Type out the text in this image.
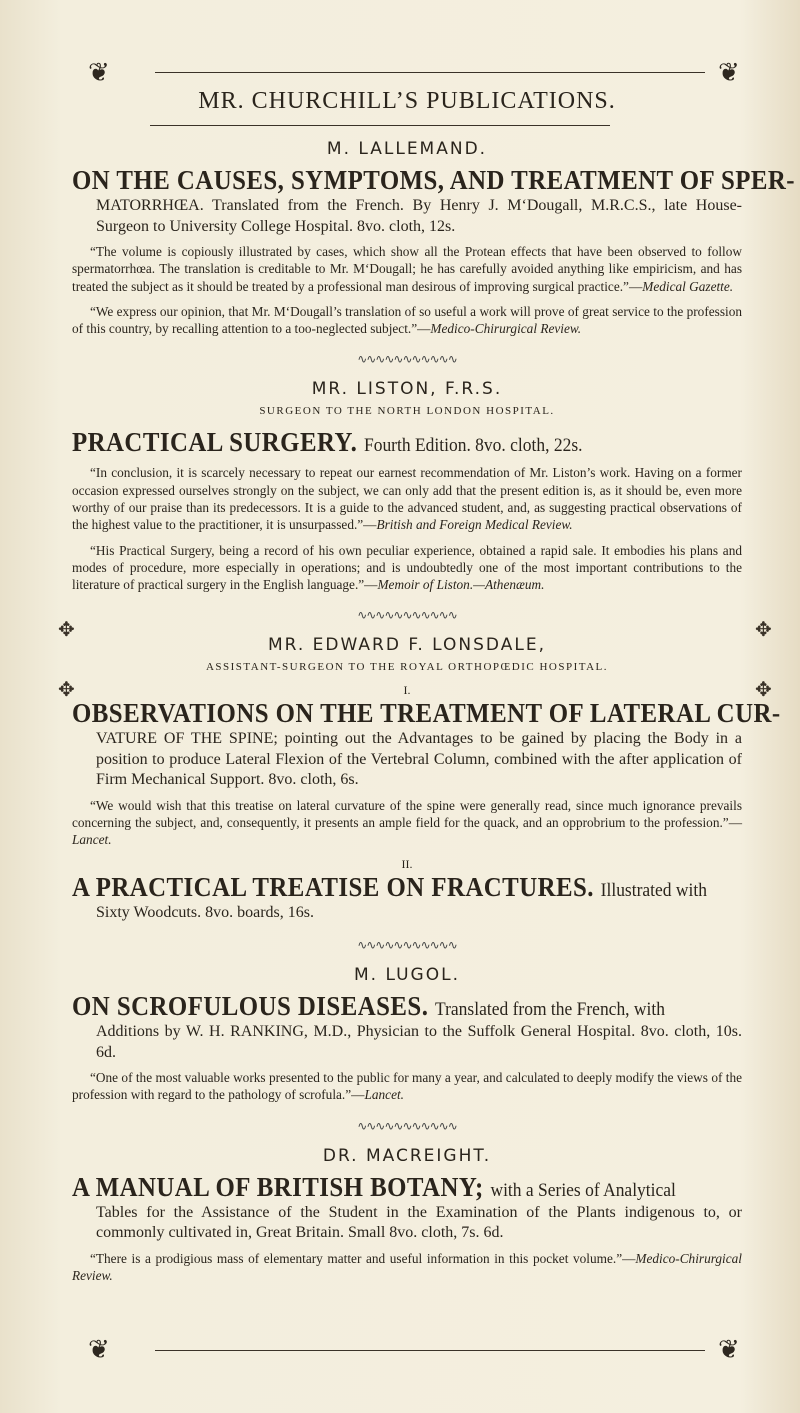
❦	❦
❦	❦
✥
✥
✥
✥
MR. CHURCHILL’S PUBLICATIONS.
M. LALLEMAND.
ON THE CAUSES, SYMPTOMS, AND TREATMENT OF SPER-
MATORRHŒA. Translated from the French. By Henry J. M‘Dougall, M.R.C.S., late House-Surgeon to University College Hospital. 8vo. cloth, 12s.
“The volume is copiously illustrated by cases, which show all the Protean effects that have been observed to follow spermatorrhœa. The translation is creditable to Mr. M‘Dougall; he has carefully avoided anything like empiricism, and has treated the subject as it should be treated by a professional man desirous of improving surgical practice.”—Medical Gazette.
“We express our opinion, that Mr. M‘Dougall’s translation of so useful a work will prove of great service to the profession of this country, by recalling attention to a too-neglected subject.”—Medico-Chirurgical Review.
∿∿∿∿∿∿∿∿∿∿∿
MR. LISTON, F.R.S.
SURGEON TO THE NORTH LONDON HOSPITAL.
PRACTICAL SURGERY. Fourth Edition. 8vo. cloth, 22s.
“In conclusion, it is scarcely necessary to repeat our earnest recommendation of Mr. Liston’s work. Having on a former occasion expressed ourselves strongly on the subject, we can only add that the present edition is, as it should be, even more worthy of our praise than its predecessors. It is a guide to the advanced student, and, as suggesting practical observations of the highest value to the practitioner, it is unsurpassed.”—British and Foreign Medical Review.
“His Practical Surgery, being a record of his own peculiar experience, obtained a rapid sale. It embodies his plans and modes of procedure, more especially in operations; and is undoubtedly one of the most important contributions to the literature of practical surgery in the English language.”—Memoir of Liston.—Athenæum.
∿∿∿∿∿∿∿∿∿∿∿
MR. EDWARD F. LONSDALE,
ASSISTANT-SURGEON TO THE ROYAL ORTHOPŒDIC HOSPITAL.
I.
OBSERVATIONS ON THE TREATMENT OF LATERAL CUR-
VATURE OF THE SPINE; pointing out the Advantages to be gained by placing the Body in a position to produce Lateral Flexion of the Vertebral Column, combined with the after application of Firm Mechanical Support. 8vo. cloth, 6s.
“We would wish that this treatise on lateral curvature of the spine were generally read, since much ignorance prevails concerning the subject, and, consequently, it presents an ample field for the quack, and an opprobrium to the profession.”—Lancet.
II.
A PRACTICAL TREATISE ON FRACTURES. Illustrated with
Sixty Woodcuts. 8vo. boards, 16s.
∿∿∿∿∿∿∿∿∿∿∿
M. LUGOL.
ON SCROFULOUS DISEASES. Translated from the French, with
Additions by W. H. RANKING, M.D., Physician to the Suffolk General Hospital. 8vo. cloth, 10s. 6d.
“One of the most valuable works presented to the public for many a year, and calculated to deeply modify the views of the profession with regard to the pathology of scrofula.”—Lancet.
∿∿∿∿∿∿∿∿∿∿∿
DR. MACREIGHT.
A MANUAL OF BRITISH BOTANY; with a Series of Analytical
Tables for the Assistance of the Student in the Examination of the Plants indigenous to, or commonly cultivated in, Great Britain. Small 8vo. cloth, 7s. 6d.
“There is a prodigious mass of elementary matter and useful information in this pocket volume.”—Medico-Chirurgical Review.
